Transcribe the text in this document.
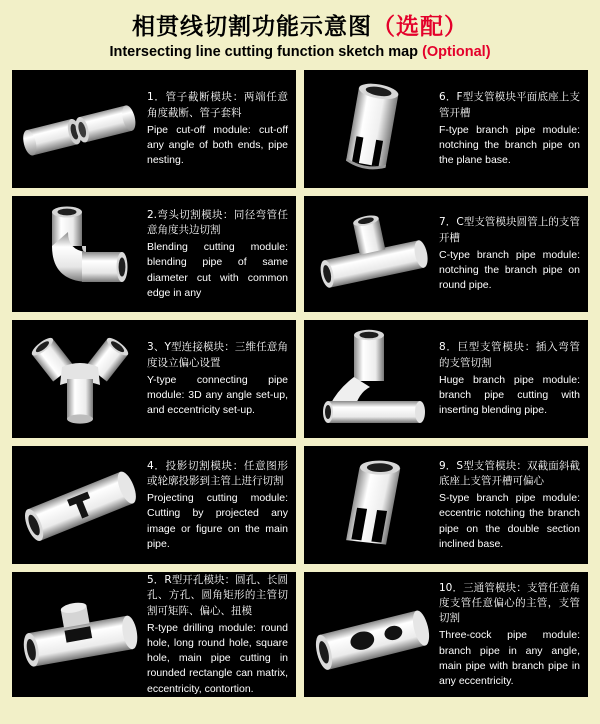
相贯线切割功能示意图（选配）
Intersecting line cutting function sketch map (Optional)
1．管子截断模块：两端任意角度截断、管子套料
Pipe cut-off module: cut-off any angle of both ends, pipe nesting.
6．F型支管模块平面底座上支管开槽
F-type branch pipe module: notching the branch pipe on the plane base.
2.弯头切割模块：同径弯管任意角度共边切割
Blending cutting module: blending pipe of same diameter cut with common edge in any
7．C型支管模块圆管上的支管开槽
C-type branch pipe module: notching the branch pipe on round pipe.
3、Y型连接模块：三维任意角度设立偏心设置
Y-type connecting pipe module: 3D any angle set-up, and eccentricity set-up.
8．巨型支管模块：插入弯管的支管切割
Huge branch pipe module: branch pipe cutting with inserting blending pipe.
4．投影切割模块：任意图形或轮廓投影到主管上进行切割
Projecting cutting module: Cutting by projected any image or figure on the main pipe.
9．S型支管模块：双截面斜截底座上支管开槽可偏心
S-type branch pipe module: eccentric notching the branch pipe on the double section inclined base.
5．R型开孔模块：圆孔、长圆孔、方孔、圆角矩形的主管切割可矩阵、偏心、扭模
R-type drilling module: round hole, long round hole, square hole, main pipe cutting in rounded rectangle can matrix, eccentricity, contortion.
10．三通管模块：支管任意角度支管任意偏心的主管，支管切割
Three-cock pipe module: branch pipe in any angle, main pipe with branch pipe in any eccentricity.
